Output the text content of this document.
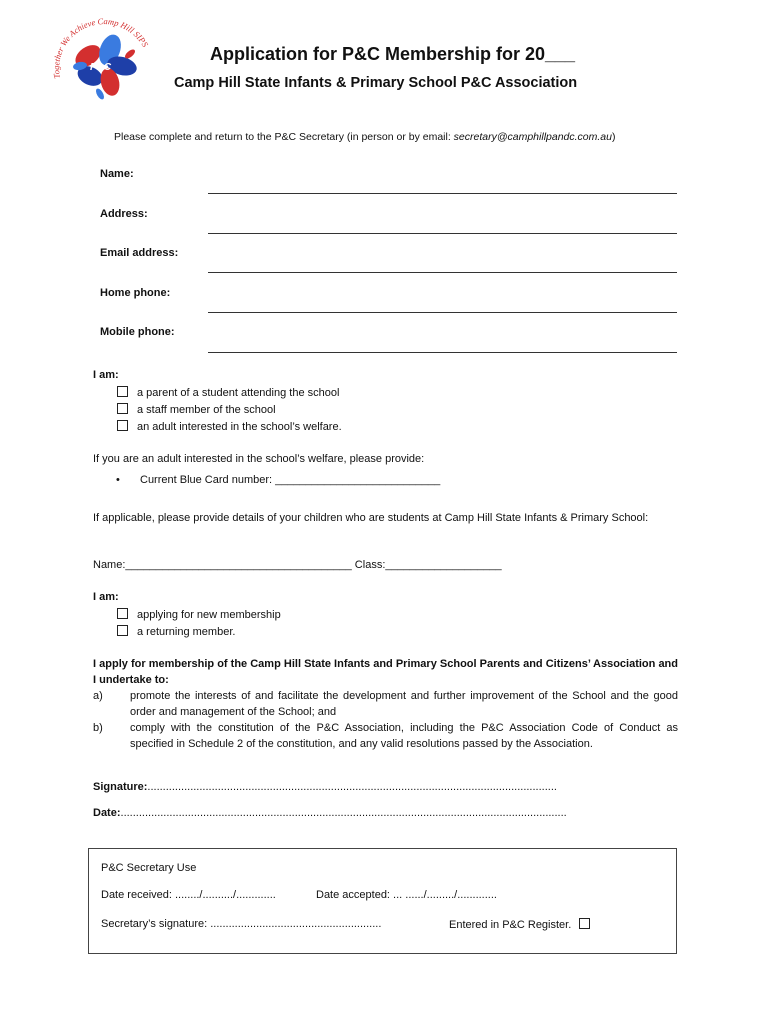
P&C
Together We Achieve Camp Hill SIPS	Application for P&C Membership for 20___
Camp Hill State Infants & Primary School P&C Association
Please complete and return to the P&C Secretary (in person or by email: secretary@camphillpandc.com.au)
Name:
Address:
Email address:
Home phone:
Mobile phone:
I am:
a parent of a student attending the school
a staff member of the school
an adult interested in the school’s welfare.
If you are an adult interested in the school’s welfare, please provide:
• Current Blue Card number: ___________________________
If applicable, please provide details of your children who are students at Camp Hill State Infants & Primary School:
Name:_____________________________________ Class:___________________
I am:
applying for new membership
a returning member.
I apply for membership of the Camp Hill State Infants and Primary School Parents and Citizens’ Association and I undertake to:
a) promote the interests of and facilitate the development and further improvement of the School and the good order and management of the School; and
b) comply with the constitution of the P&C Association, including the P&C Association Code of Conduct as specified in Schedule 2 of the constitution, and any valid resolutions passed by the Association.
Signature:......................................................................................................................................
Date:..................................................................................................................................................
P&C Secretary Use
Date received: ......../........../.............	Date accepted: ... ....../........./.............
Secretary’s signature: ........................................................	Entered in P&C Register.
